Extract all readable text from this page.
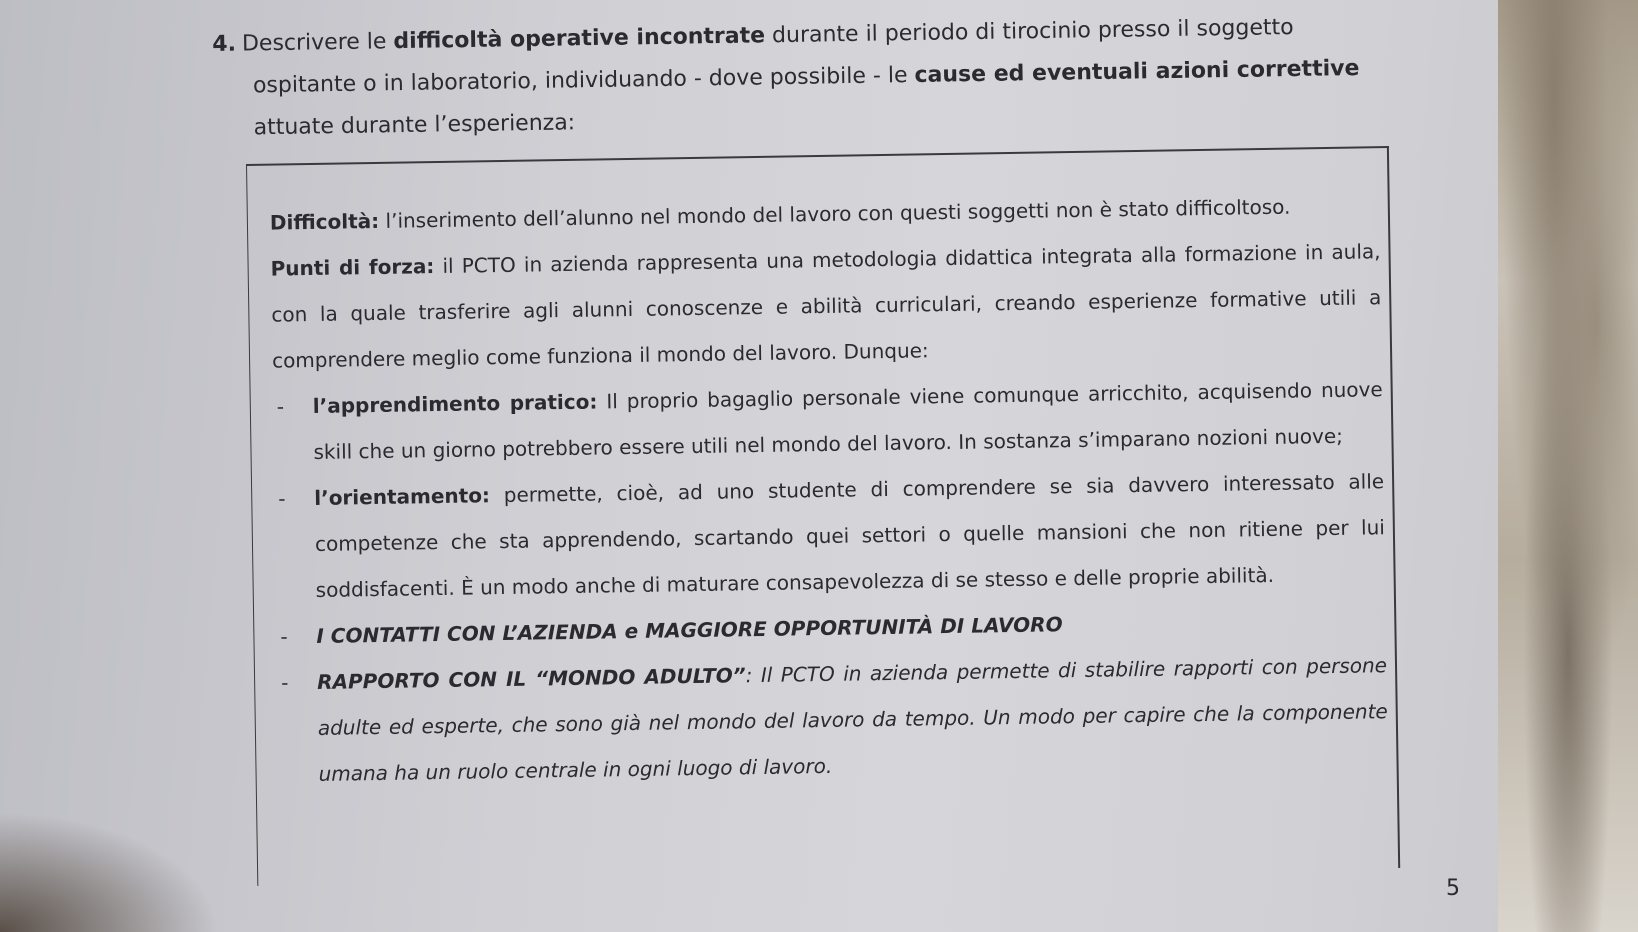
4. Descrivere le difficoltà operative incontrate durante il periodo di tirocinio presso il soggetto
ospitante o in laboratorio, individuando - dove possibile - le cause ed eventuali azioni correttive
attuate durante l’esperienza:
Difficoltà: l’inserimento dell’alunno nel mondo del lavoro con questi soggetti non è stato difficoltoso.
Punti di forza: il PCTO in azienda rappresenta una metodologia didattica integrata alla formazione in aula, con la quale trasferire agli alunni conoscenze e abilità curriculari, creando esperienze formative utili a comprendere meglio come funziona il mondo del lavoro. Dunque:
- l’apprendimento pratico: Il proprio bagaglio personale viene comunque arricchito, acquisendo nuove skill che un giorno potrebbero essere utili nel mondo del lavoro. In sostanza s’imparano nozioni nuove;
- l’orientamento: permette, cioè, ad uno studente di comprendere se sia davvero interessato alle competenze che sta apprendendo, scartando quei settori o quelle mansioni che non ritiene per lui soddisfacenti. È un modo anche di maturare consapevolezza di se stesso e delle proprie abilità.
- I CONTATTI CON L’AZIENDA e MAGGIORE OPPORTUNITÀ DI LAVORO
- RAPPORTO CON IL “MONDO ADULTO”: Il PCTO in azienda permette di stabilire rapporti con persone adulte ed esperte, che sono già nel mondo del lavoro da tempo. Un modo per capire che la componente umana ha un ruolo centrale in ogni luogo di lavoro.
5
